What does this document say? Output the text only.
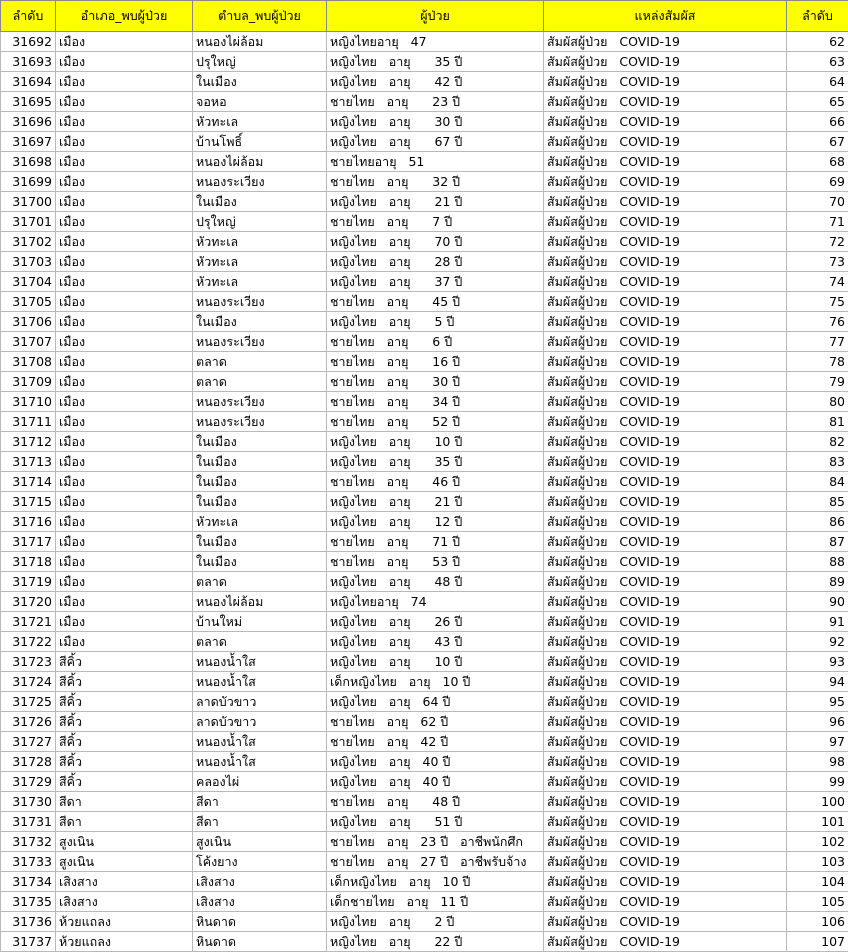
ลำดับ	อำเภอ_พบผู้ป่วย	ตำบล_พบผู้ป่วย	ผู้ป่วย	แหล่งสัมผัส	ลำดับ
31692	เมือง	หนองไผ่ล้อม	หญิงไทยอายุ   47	สัมผัสผู้ป่วย   COVID-19	62
31693	เมือง	ปรุใหญ่	หญิงไทย   อายุ      35 ปี	สัมผัสผู้ป่วย   COVID-19	63
31694	เมือง	ในเมือง	หญิงไทย   อายุ      42 ปี	สัมผัสผู้ป่วย   COVID-19	64
31695	เมือง	จอหอ	ชายไทย   อายุ      23 ปี	สัมผัสผู้ป่วย   COVID-19	65
31696	เมือง	หัวทะเล	หญิงไทย   อายุ      30 ปี	สัมผัสผู้ป่วย   COVID-19	66
31697	เมือง	บ้านโพธิ์	หญิงไทย   อายุ      67 ปี	สัมผัสผู้ป่วย   COVID-19	67
31698	เมือง	หนองไผ่ล้อม	ชายไทยอายุ   51	สัมผัสผู้ป่วย   COVID-19	68
31699	เมือง	หนองระเวียง	ชายไทย   อายุ      32 ปี	สัมผัสผู้ป่วย   COVID-19	69
31700	เมือง	ในเมือง	หญิงไทย   อายุ      21 ปี	สัมผัสผู้ป่วย   COVID-19	70
31701	เมือง	ปรุใหญ่	ชายไทย   อายุ      7 ปี	สัมผัสผู้ป่วย   COVID-19	71
31702	เมือง	หัวทะเล	หญิงไทย   อายุ      70 ปี	สัมผัสผู้ป่วย   COVID-19	72
31703	เมือง	หัวทะเล	หญิงไทย   อายุ      28 ปี	สัมผัสผู้ป่วย   COVID-19	73
31704	เมือง	หัวทะเล	หญิงไทย   อายุ      37 ปี	สัมผัสผู้ป่วย   COVID-19	74
31705	เมือง	หนองระเวียง	ชายไทย   อายุ      45 ปี	สัมผัสผู้ป่วย   COVID-19	75
31706	เมือง	ในเมือง	หญิงไทย   อายุ      5 ปี	สัมผัสผู้ป่วย   COVID-19	76
31707	เมือง	หนองระเวียง	ชายไทย   อายุ      6 ปี	สัมผัสผู้ป่วย   COVID-19	77
31708	เมือง	ตลาด	ชายไทย   อายุ      16 ปี	สัมผัสผู้ป่วย   COVID-19	78
31709	เมือง	ตลาด	ชายไทย   อายุ      30 ปี	สัมผัสผู้ป่วย   COVID-19	79
31710	เมือง	หนองระเวียง	ชายไทย   อายุ      34 ปี	สัมผัสผู้ป่วย   COVID-19	80
31711	เมือง	หนองระเวียง	ชายไทย   อายุ      52 ปี	สัมผัสผู้ป่วย   COVID-19	81
31712	เมือง	ในเมือง	หญิงไทย   อายุ      10 ปี	สัมผัสผู้ป่วย   COVID-19	82
31713	เมือง	ในเมือง	หญิงไทย   อายุ      35 ปี	สัมผัสผู้ป่วย   COVID-19	83
31714	เมือง	ในเมือง	ชายไทย   อายุ      46 ปี	สัมผัสผู้ป่วย   COVID-19	84
31715	เมือง	ในเมือง	หญิงไทย   อายุ      21 ปี	สัมผัสผู้ป่วย   COVID-19	85
31716	เมือง	หัวทะเล	หญิงไทย   อายุ      12 ปี	สัมผัสผู้ป่วย   COVID-19	86
31717	เมือง	ในเมือง	ชายไทย   อายุ      71 ปี	สัมผัสผู้ป่วย   COVID-19	87
31718	เมือง	ในเมือง	ชายไทย   อายุ      53 ปี	สัมผัสผู้ป่วย   COVID-19	88
31719	เมือง	ตลาด	หญิงไทย   อายุ      48 ปี	สัมผัสผู้ป่วย   COVID-19	89
31720	เมือง	หนองไผ่ล้อม	หญิงไทยอายุ   74	สัมผัสผู้ป่วย   COVID-19	90
31721	เมือง	บ้านใหม่	หญิงไทย   อายุ      26 ปี	สัมผัสผู้ป่วย   COVID-19	91
31722	เมือง	ตลาด	หญิงไทย   อายุ      43 ปี	สัมผัสผู้ป่วย   COVID-19	92
31723	สีคิ้ว	หนองน้ำใส	หญิงไทย   อายุ      10 ปี	สัมผัสผู้ป่วย   COVID-19	93
31724	สีคิ้ว	หนองน้ำใส	เด็กหญิงไทย   อายุ   10 ปี	สัมผัสผู้ป่วย   COVID-19	94
31725	สีคิ้ว	ลาดบัวขาว	หญิงไทย   อายุ   64 ปี	สัมผัสผู้ป่วย   COVID-19	95
31726	สีคิ้ว	ลาดบัวขาว	ชายไทย   อายุ   62 ปี	สัมผัสผู้ป่วย   COVID-19	96
31727	สีคิ้ว	หนองน้ำใส	ชายไทย   อายุ   42 ปี	สัมผัสผู้ป่วย   COVID-19	97
31728	สีคิ้ว	หนองน้ำใส	หญิงไทย   อายุ   40 ปี	สัมผัสผู้ป่วย   COVID-19	98
31729	สีคิ้ว	คลองไผ่	หญิงไทย   อายุ   40 ปี	สัมผัสผู้ป่วย   COVID-19	99
31730	สีดา	สีดา	ชายไทย   อายุ      48 ปี	สัมผัสผู้ป่วย   COVID-19	100
31731	สีดา	สีดา	หญิงไทย   อายุ      51 ปี	สัมผัสผู้ป่วย   COVID-19	101
31732	สูงเนิน	สูงเนิน	ชายไทย   อายุ   23 ปี   อาชีพนักศึก	สัมผัสผู้ป่วย   COVID-19	102
31733	สูงเนิน	โค้งยาง	ชายไทย   อายุ   27 ปี   อาชีพรับจ้าง	สัมผัสผู้ป่วย   COVID-19	103
31734	เสิงสาง	เสิงสาง	เด็กหญิงไทย   อายุ   10 ปี	สัมผัสผู้ป่วย   COVID-19	104
31735	เสิงสาง	เสิงสาง	เด็กชายไทย   อายุ   11 ปี	สัมผัสผู้ป่วย   COVID-19	105
31736	ห้วยแถลง	หินดาด	หญิงไทย   อายุ      2 ปี	สัมผัสผู้ป่วย   COVID-19	106
31737	ห้วยแถลง	หินดาด	หญิงไทย   อายุ      22 ปี	สัมผัสผู้ป่วย   COVID-19	107
